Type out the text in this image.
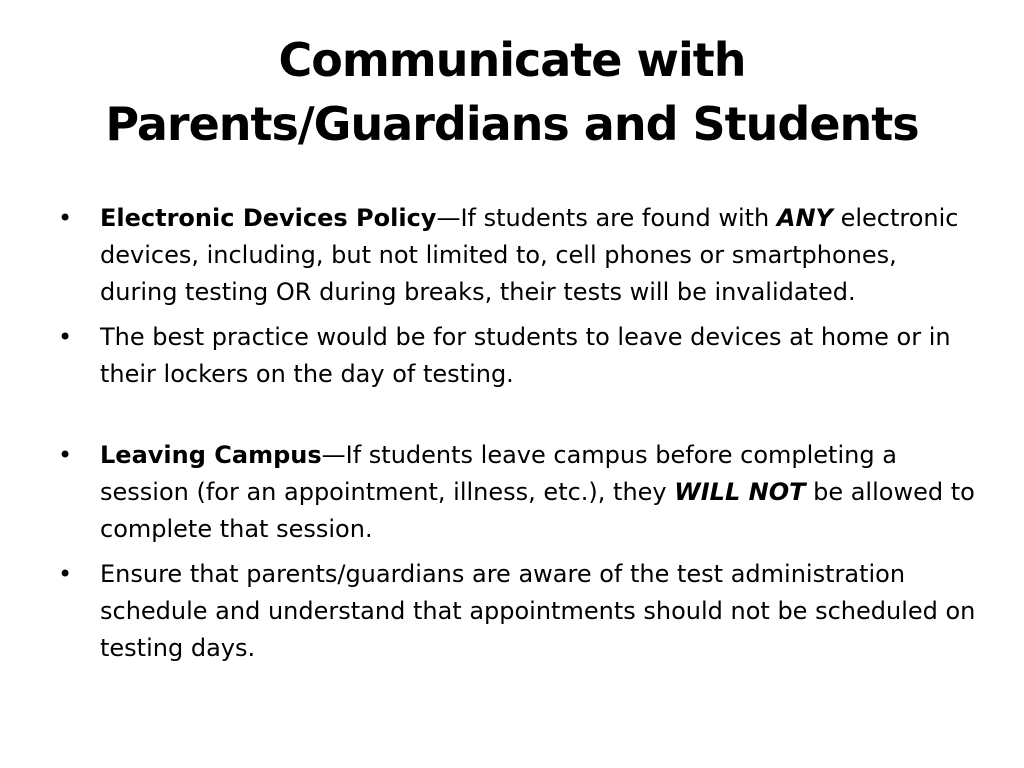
Communicate with
Parents/Guardians and Students
• Electronic Devices Policy—If students are found with ANY electronic devices, including, but not limited to, cell phones or smartphones, during testing OR during breaks, their tests will be invalidated.
• The best practice would be for students to leave devices at home or in their lockers on the day of testing.
• Leaving Campus—If students leave campus before completing a session (for an appointment, illness, etc.), they WILL NOT be allowed to complete that session.
• Ensure that parents/guardians are aware of the test administration schedule and understand that appointments should not be scheduled on testing days.
